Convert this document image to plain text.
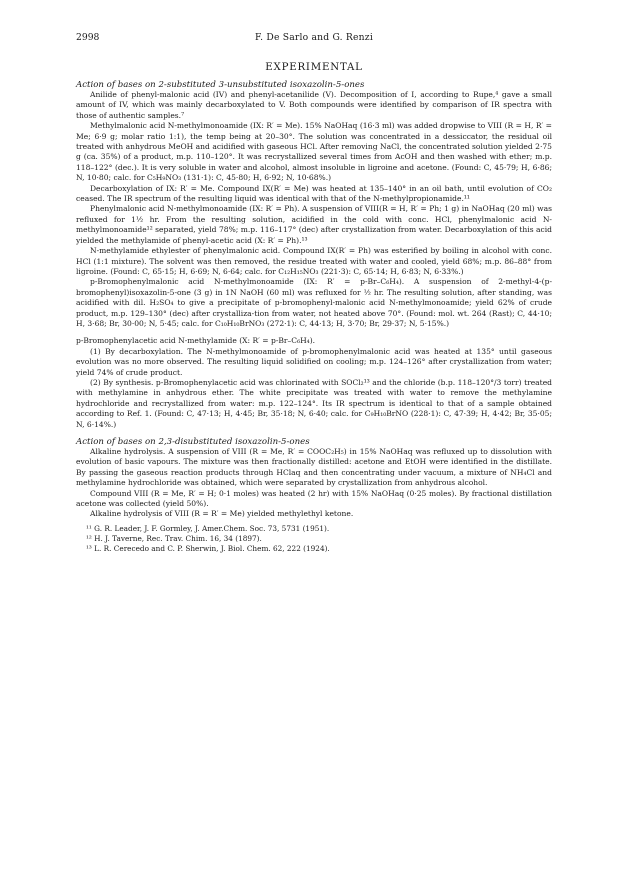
2998	F. De Sarlo and G. Renzi
EXPERIMENTAL
Action of bases on 2-substituted 3-unsubstituted isoxazolin-5-ones

Anilide of phenyl-malonic acid (IV) and phenyl-acetanilide (V). Decomposition of I, according to Rupe,⁴ gave a small amount of IV, which was mainly decarboxylated to V. Both compounds were identified by comparison of IR spectra with those of authentic samples.⁷

Methylmalonic acid N-methylmonoamide (IX: R′ = Me). 15% NaOHaq (16·3 ml) was added dropwise to VIII (R = H, R′ = Me; 6·9 g; molar ratio 1:1), the temp being at 20–30°. The solution was concentrated in a dessiccator, the residual oil treated with anhydrous MeOH and acidified with gaseous HCl. After removing NaCl, the concentrated solution yielded 2·75 g (ca. 35%) of a product, m.p. 110–120°. It was recrystallized several times from AcOH and then washed with ether; m.p. 118–122° (dec.). It is very soluble in water and alcohol, almost insoluble in ligroine and acetone. (Found: C, 45·79; H, 6·86; N, 10·80; calc. for C₅H₉NO₃ (131·1): C, 45·80; H, 6·92; N, 10·68%.)

Decarboxylation of IX: R′ = Me. Compound IX(R′ = Me) was heated at 135–140° in an oil bath, until evolution of CO₂ ceased. The IR spectrum of the resulting liquid was identical with that of the N-methylpropionamide.¹¹

Phenylmalonic acid N-methylmonoamide (IX: R′ = Ph). A suspension of VIII(R = H, R′ = Ph; 1 g) in NaOHaq (20 ml) was refluxed for 1½ hr. From the resulting solution, acidified in the cold with conc. HCl, phenylmalonic acid N-methylmonoamide¹² separated, yield 78%; m.p. 116–117° (dec) after crystallization from water. Decarboxylation of this acid yielded the methylamide of phenyl-acetic acid (X: R′ = Ph).¹³

N-methylamide ethylester of phenylmalonic acid. Compound IX(R′ = Ph) was esterified by boiling in alcohol with conc. HCl (1:1 mixture). The solvent was then removed, the residue treated with water and cooled, yield 68%; m.p. 86–88° from ligroine. (Found: C, 65·15; H, 6·69; N, 6·64; calc. for C₁₂H₁₅NO₃ (221·3): C, 65·14; H, 6·83; N, 6·33%.)

p-Bromophenylmalonic acid N-methylmonoamide (IX: R′ = p-Br–C₆H₄). A suspension of 2-methyl-4-(p-bromophenyl)isoxazolin-5-one (3 g) in 1N NaOH (60 ml) was refluxed for ½ hr. The resulting solution, after standing, was acidified with dil. H₂SO₄ to give a precipitate of p-bromophenyl-malonic acid N-methylmonoamide; yield 62% of crude product, m.p. 129–130° (dec) after crystalliza-tion from water, not heated above 70°. (Found: mol. wt. 264 (Rast); C, 44·10; H, 3·68; Br, 30·00; N, 5·45; calc. for C₁₀H₁₀BrNO₃ (272·1): C, 44·13; H, 3·70; Br, 29·37; N, 5·15%.)

p-Bromophenylacetic acid N-methylamide (X: R′ = p-Br–C₆H₄).

(1) By decarboxylation. The N-methylmonoamide of p-bromophenylmalonic acid was heated at 135° until gaseous evolution was no more observed. The resulting liquid solidified on cooling; m.p. 124–126° after crystallization from water; yield 74% of crude product.

(2) By synthesis. p-Bromophenylacetic acid was chlorinated with SOCl₂¹³ and the chloride (b.p. 118–120°/3 torr) treated with methylamine in anhydrous ether. The white precipitate was treated with water to remove the methylamine hydrochloride and recrystallized from water: m.p. 122–124°. Its IR spectrum is identical to that of a sample obtained according to Ref. 1. (Found: C, 47·13; H, 4·45; Br, 35·18; N, 6·40; calc. for C₉H₁₀BrNO (228·1): C, 47·39; H, 4·42; Br, 35·05; N, 6·14%.)

Action of bases on 2,3-disubstituted isoxazolin-5-ones

Alkaline hydrolysis. A suspension of VIII (R = Me, R′ = COOC₂H₅) in 15% NaOHaq was refluxed up to dissolution with evolution of basic vapours. The mixture was then fractionally distilled: acetone and EtOH were identified in the distillate. By passing the gaseous reaction products through HClaq and then concentrating under vacuum, a mixture of NH₄Cl and methylamine hydrochloride was obtained, which were separated by crystallization from anhydrous alcohol.

Compound VIII (R = Me, R′ = H; 0·1 moles) was heated (2 hr) with 15% NaOHaq (0·25 moles). By fractional distillation acetone was collected (yield 50%).

Alkaline hydrolysis of VIII (R = R′ = Me) yielded methylethyl ketone.

¹¹ G. R. Leader, J. F. Gormley, J. Amer.Chem. Soc. 73, 5731 (1951).

¹² H. J. Taverne, Rec. Trav. Chim. 16, 34 (1897).

¹³ L. R. Cerecedo and C. P. Sherwin, J. Biol. Chem. 62, 222 (1924).
